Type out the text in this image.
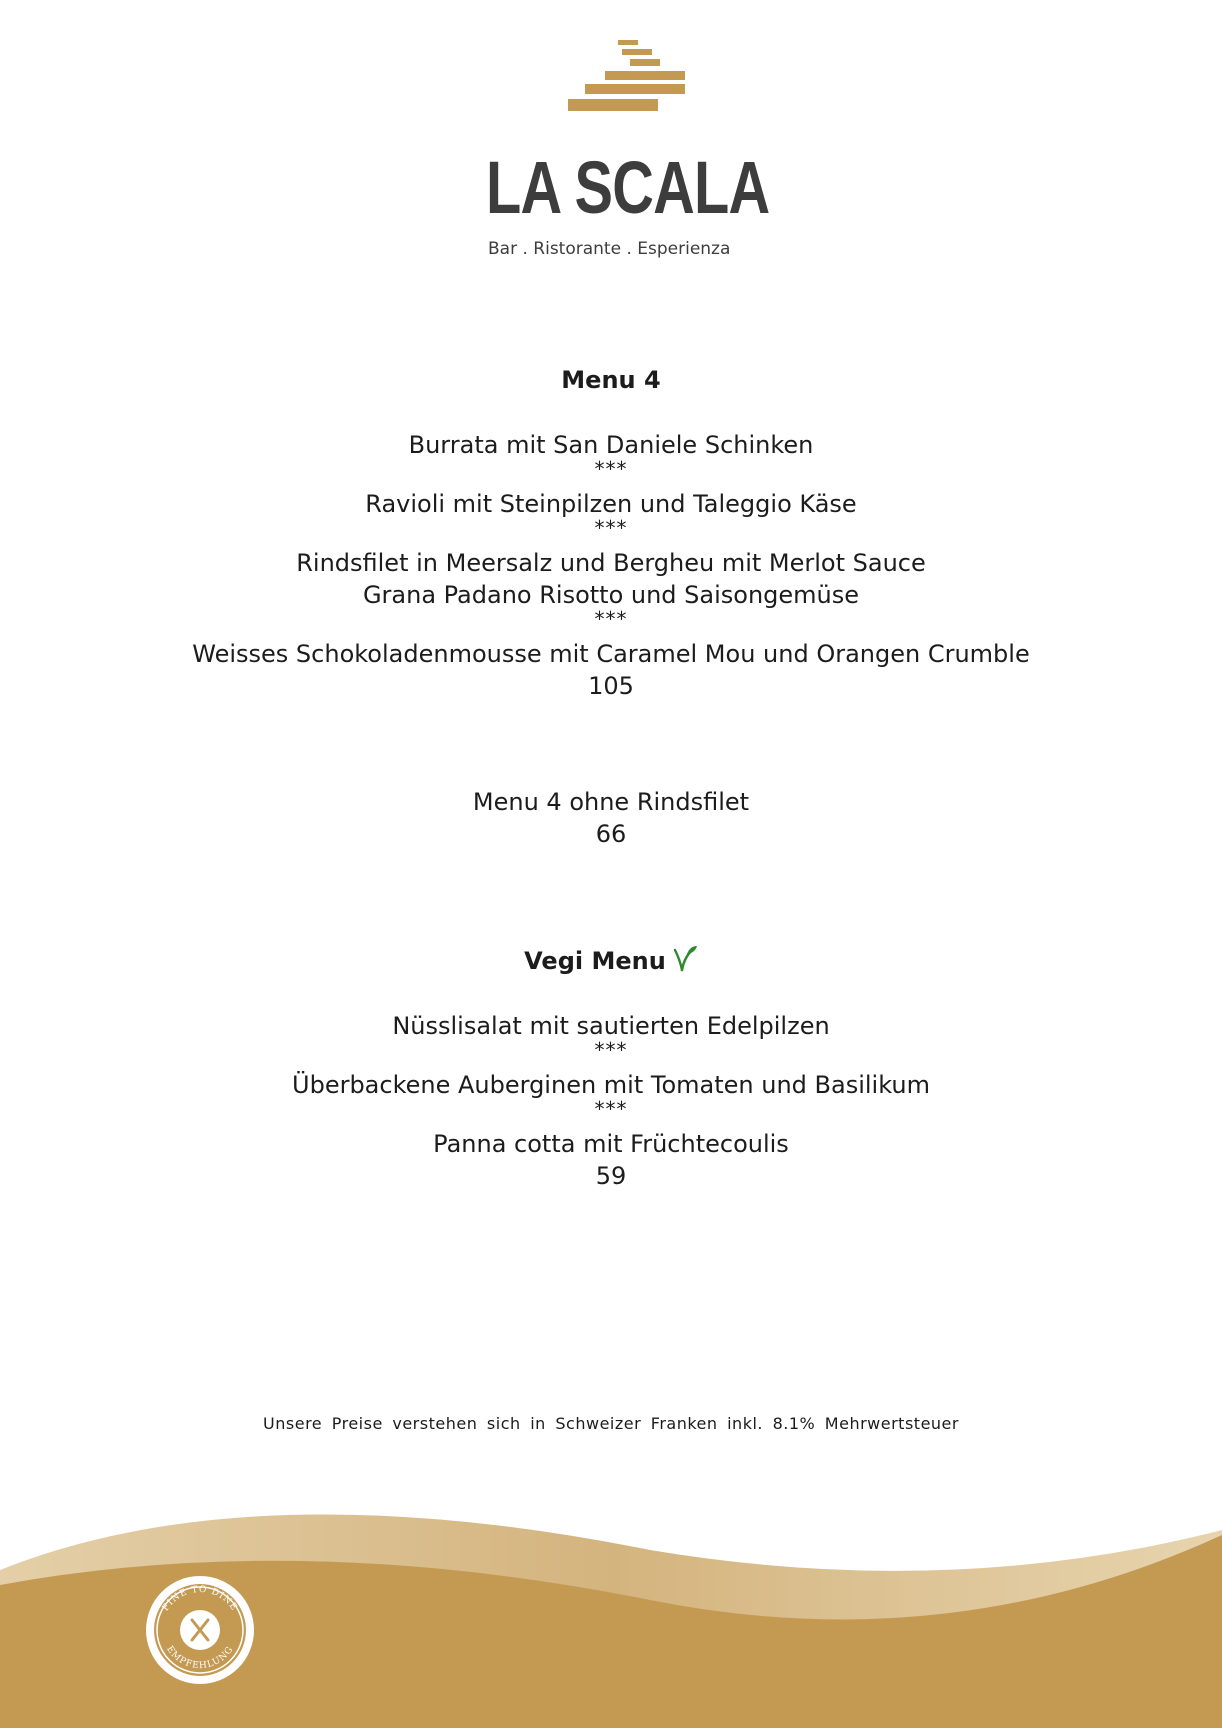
LA SCALA
Bar . Ristorante . Esperienza
Menu 4
Burrata mit San Daniele Schinken
***
Ravioli mit Steinpilzen und Taleggio Käse
***
Rindsfilet in Meersalz und Bergheu mit Merlot Sauce
Grana Padano Risotto und Saisongemüse
***
Weisses Schokoladenmousse mit Caramel Mou und Orangen Crumble
105
Menu 4 ohne Rindsfilet
66
Vegi Menu
Nüsslisalat mit sautierten Edelpilzen
***
Überbackene Auberginen mit Tomaten und Basilikum
***
Panna cotta mit Früchtecoulis
59
Unsere Preise verstehen sich in Schweizer Franken inkl. 8.1% Mehrwertsteuer
FINE TO DINE
EMPFEHLUNG
